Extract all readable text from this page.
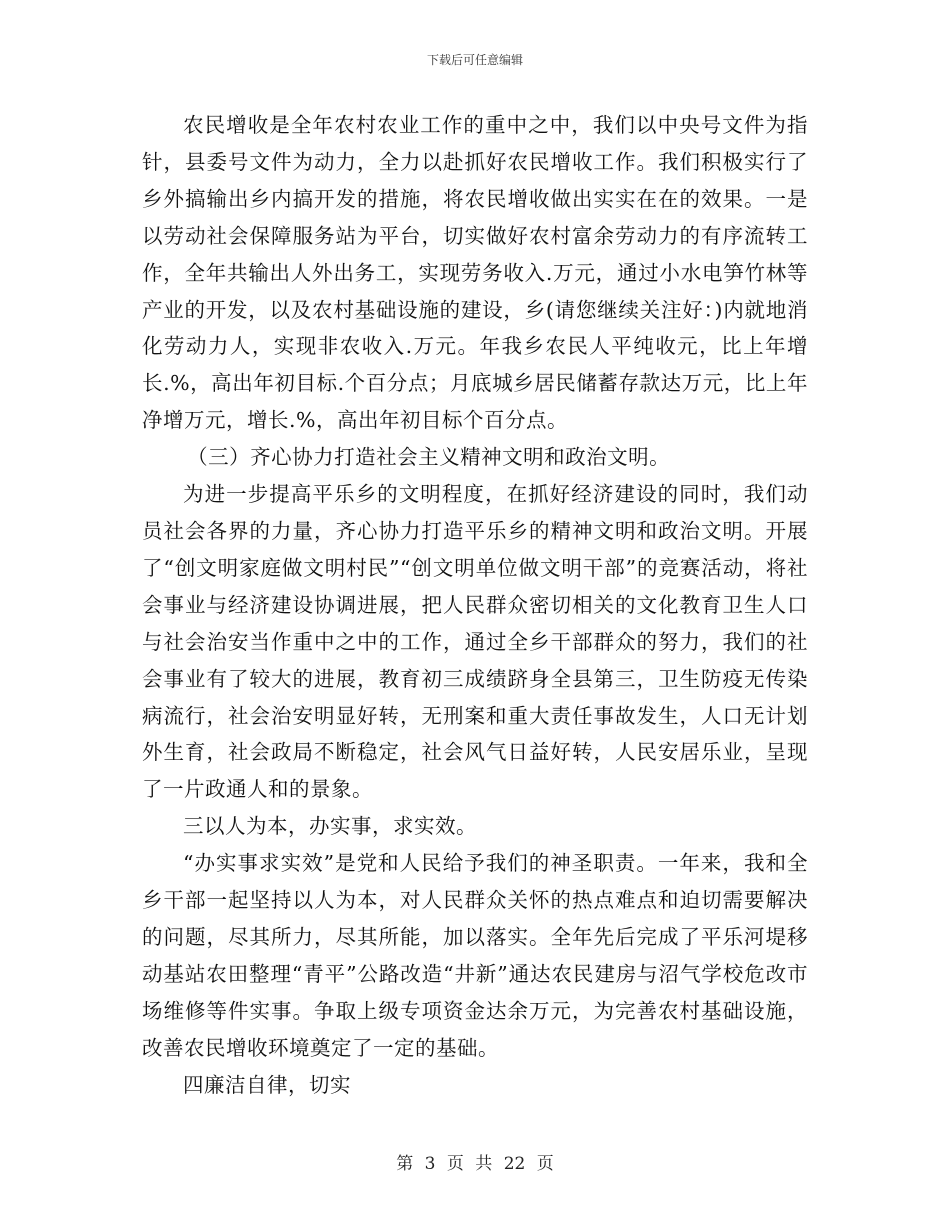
下载后可任意编辑

农民增收是全年农村农业工作的重中之中，我们以中央号文件为指针，县委号文件为动力，全力以赴抓好农民增收工作。我们积极实行了乡外搞输出乡内搞开发的措施，将农民增收做出实实在在的效果。一是以劳动社会保障服务站为平台，切实做好农村富余劳动力的有序流转工作，全年共输出人外出务工，实现劳务收入.万元，通过小水电笋竹林等产业的开发，以及农村基础设施的建设，乡(请您继续关注好：)内就地消化劳动力人，实现非农收入.万元。年我乡农民人平纯收元，比上年增长.%，高出年初目标.个百分点；月底城乡居民储蓄存款达万元，比上年净增万元，增长.%，高出年初目标个百分点。

（三）齐心协力打造社会主义精神文明和政治文明。

为进一步提高平乐乡的文明程度，在抓好经济建设的同时，我们动员社会各界的力量，齐心协力打造平乐乡的精神文明和政治文明。开展了“创文明家庭做文明村民”“创文明单位做文明干部”的竞赛活动，将社会事业与经济建设协调进展，把人民群众密切相关的文化教育卫生人口与社会治安当作重中之中的工作，通过全乡干部群众的努力，我们的社会事业有了较大的进展，教育初三成绩跻身全县第三，卫生防疫无传染病流行，社会治安明显好转，无刑案和重大责任事故发生，人口无计划外生育，社会政局不断稳定，社会风气日益好转，人民安居乐业，呈现了一片政通人和的景象。

三以人为本，办实事，求实效。

“办实事求实效”是党和人民给予我们的神圣职责。一年来，我和全乡干部一起坚持以人为本，对人民群众关怀的热点难点和迫切需要解决的问题，尽其所力，尽其所能，加以落实。全年先后完成了平乐河堤移动基站农田整理“青平”公路改造“井新”通达农民建房与沼气学校危改市场维修等件实事。争取上级专项资金达余万元，为完善农村基础设施，改善农民增收环境奠定了一定的基础。

四廉洁自律，切实

第 3 页 共 22 页
